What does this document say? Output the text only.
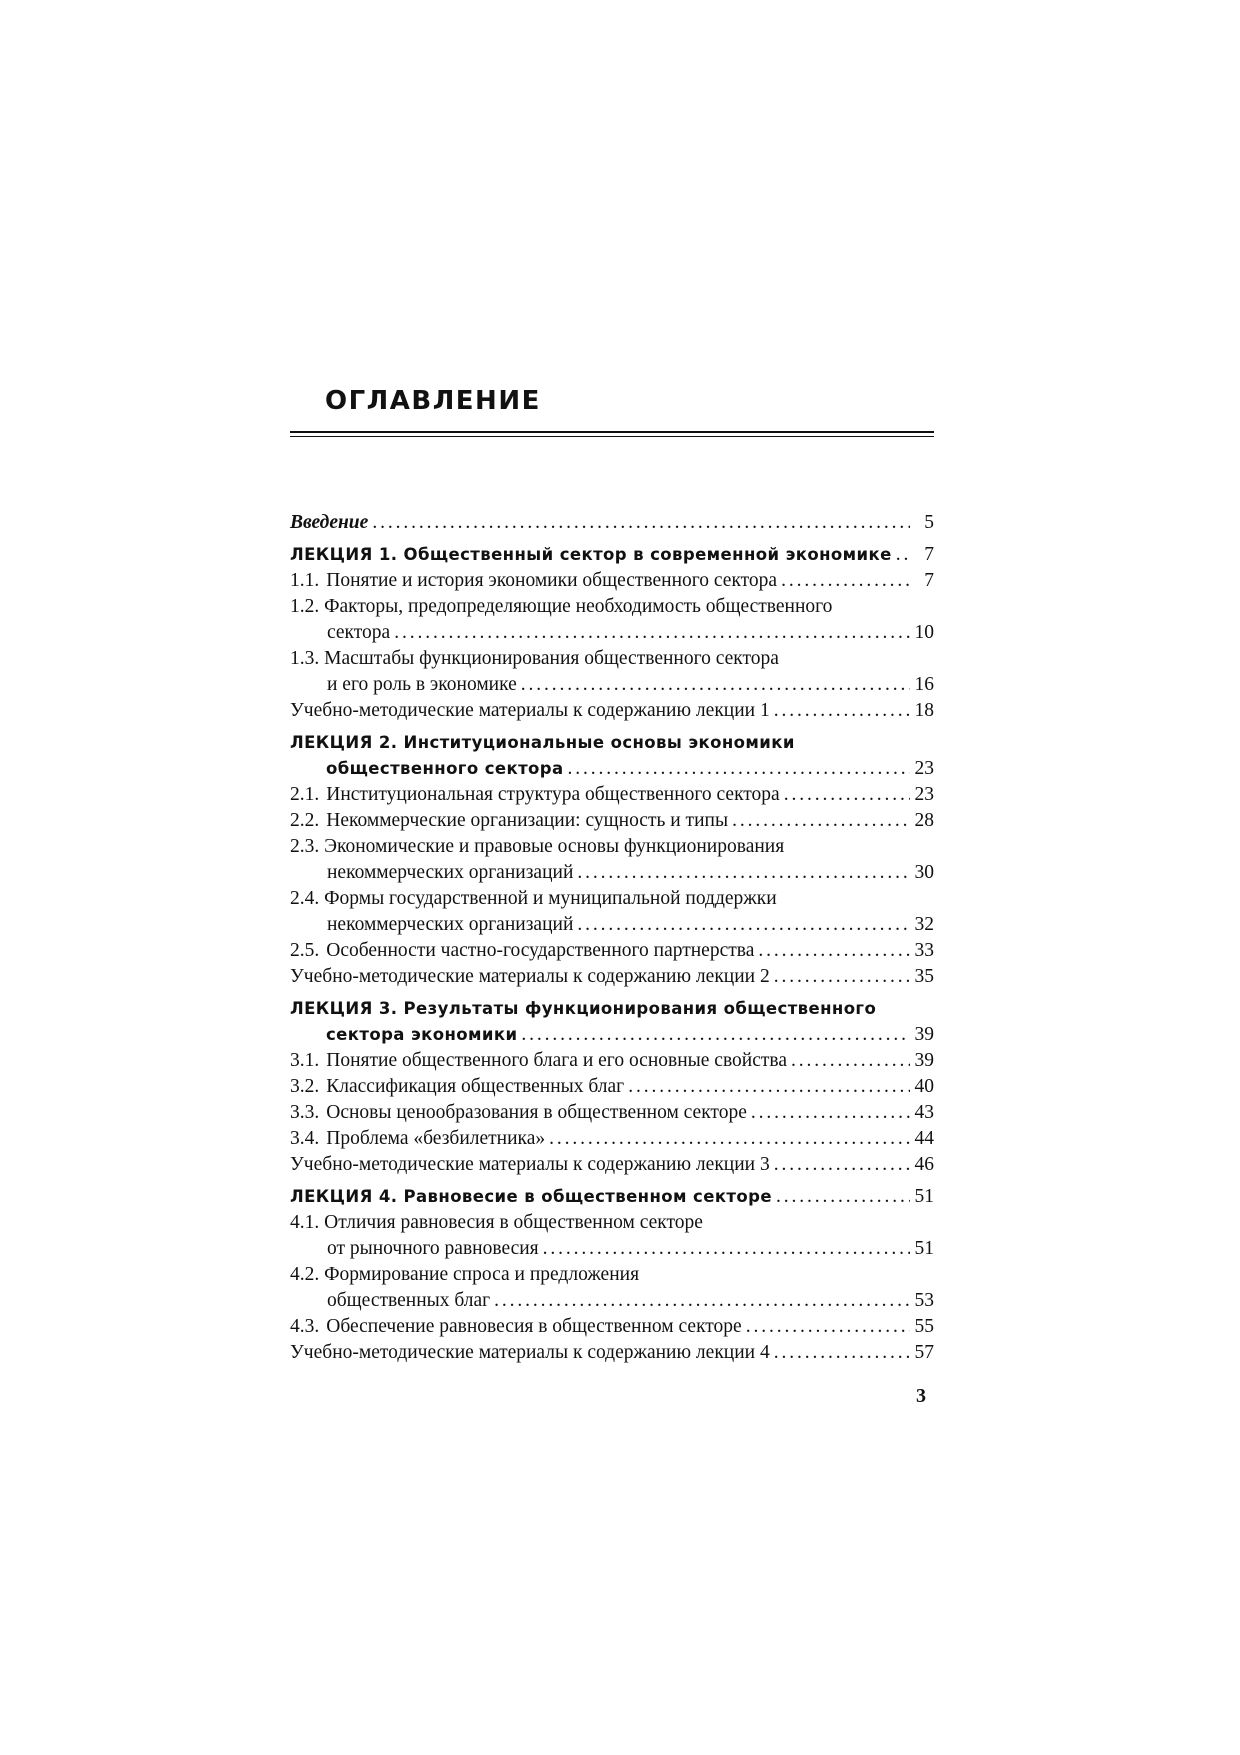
ОГЛАВЛЕНИЕ
Введение . . .	5
ЛЕКЦИЯ 1. Общественный сектор в современной экономике . . .	7
1.1. Понятие и история экономики общественного сектора . . .	7
1.2. Факторы, предопределяющие необходимость общественного
сектора . . .	10
1.3. Масштабы функционирования общественного сектора
и его роль в экономике . . .	16
Учебно-методические материалы к содержанию лекции 1 . . .	18
ЛЕКЦИЯ 2. Институциональные основы экономики
общественного сектора . . .	23
2.1. Институциональная структура общественного сектора . . .	23
2.2. Некоммерческие организации: сущность и типы . . .	28
2.3. Экономические и правовые основы функционирования
некоммерческих организаций . . .	30
2.4. Формы государственной и муниципальной поддержки
некоммерческих организаций . . .	32
2.5. Особенности частно-государственного партнерства . . .	33
Учебно-методические материалы к содержанию лекции 2 . . .	35
ЛЕКЦИЯ 3. Результаты функционирования общественного
сектора экономики . . .	39
3.1. Понятие общественного блага и его основные свойства . . .	39
3.2. Классификация общественных благ . . .	40
3.3. Основы ценообразования в общественном секторе . . .	43
3.4. Проблема «безбилетника» . . .	44
Учебно-методические материалы к содержанию лекции 3 . . .	46
ЛЕКЦИЯ 4. Равновесие в общественном секторе . . .	51
4.1. Отличия равновесия в общественном секторе
от рыночного равновесия . . .	51
4.2. Формирование спроса и предложения
общественных благ . . .	53
4.3. Обеспечение равновесия в общественном секторе . . .	55
Учебно-методические материалы к содержанию лекции 4 . . .	57
3
